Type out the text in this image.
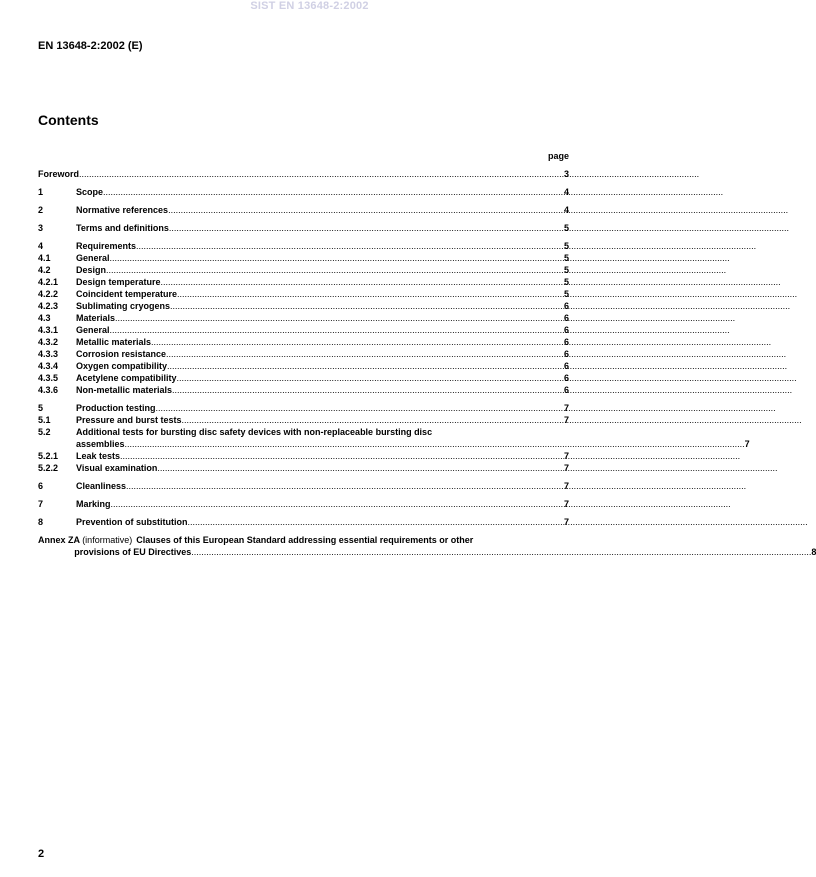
SIST EN 13648-2:2002
EN 13648-2:2002 (E)
Contents
page
Foreword .....	3
1	Scope .....	4
2	Normative references .....	4
3	Terms and definitions .....	5
4	Requirements .....	5
4.1	General .....	5
4.2	Design .....	5
4.2.1	Design temperature .....	5
4.2.2	Coincident temperature .....	5
4.2.3	Sublimating cryogens .....	6
4.3	Materials .....	6
4.3.1	General .....	6
4.3.2	Metallic materials .....	6
4.3.3	Corrosion resistance .....	6
4.3.4	Oxygen compatibility .....	6
4.3.5	Acetylene compatibility .....	6
4.3.6	Non-metallic materials .....	6
5	Production testing .....	7
5.1	Pressure and burst tests .....	7
5.2	Additional tests for bursting disc safety devices with non-replaceable bursting disc
assemblies .....	7
5.2.1	Leak tests .....	7
5.2.2	Visual examination .....	7
6	Cleanliness .....	7
7	Marking .....	7
8	Prevention of substitution .....	7
Annex ZA (informative) Clauses of this European Standard addressing essential requirements or other
provisions of EU Directives .....	8
2
